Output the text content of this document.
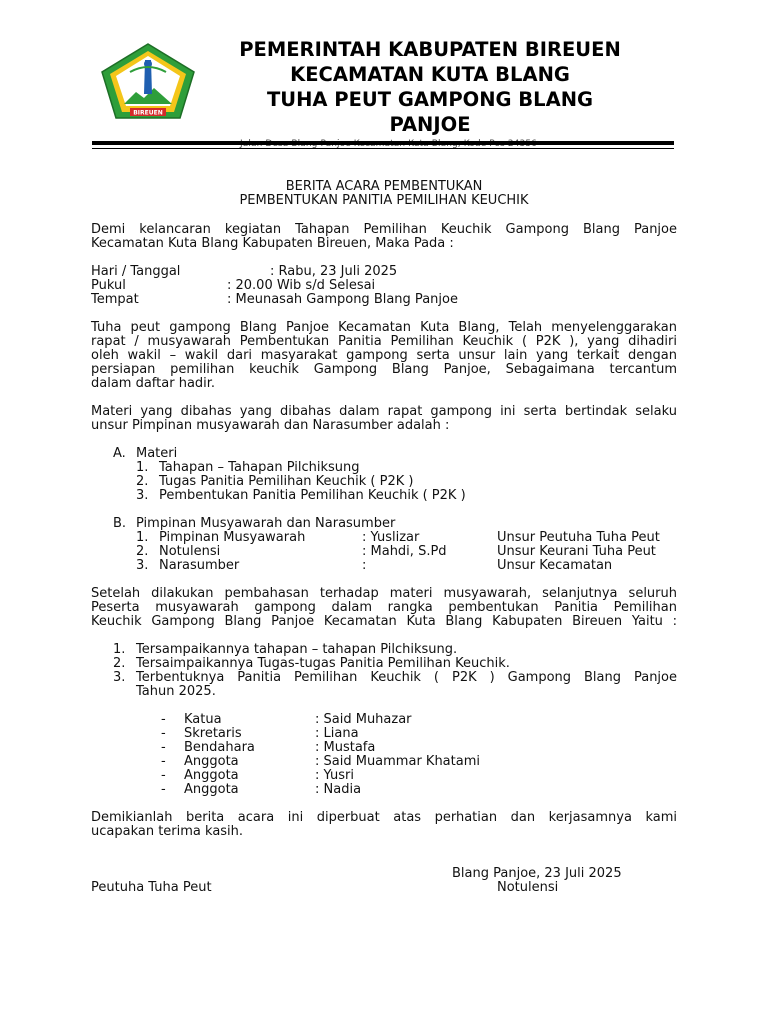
BIREUEN
PEMERINTAH KABUPATEN BIREUEN
KECAMATAN KUTA BLANG
TUHA PEUT GAMPONG BLANG
PANJOE
BERITA ACARA PEMBENTUKAN
PEMBENTUKAN PANITIA PEMILIHAN KEUCHIK
Demi kelancaran kegiatan Tahapan Pemilihan Keuchik Gampong Blang Panjoe
Kecamatan Kuta Blang Kabupaten Bireuen, Maka Pada :
Hari / Tanggal	: Rabu, 23 Juli 2025
Pukul	: 20.00 Wib s/d Selesai
Tempat	: Meunasah Gampong Blang Panjoe
Tuha peut gampong Blang Panjoe Kecamatan Kuta Blang, Telah menyelenggarakan
rapat / musyawarah Pembentukan Panitia Pemilihan Keuchik ( P2K ), yang dihadiri
oleh wakil – wakil dari masyarakat gampong serta unsur lain yang terkait dengan
persiapan pemilihan keuchik Gampong Blang Panjoe, Sebagaimana tercantum
dalam daftar hadir.
Materi yang dibahas yang dibahas dalam rapat gampong ini serta bertindak selaku
unsur Pimpinan musyawarah dan Narasumber adalah :
A. Materi
1. Tahapan – Tahapan Pilchiksung
2. Tugas Panitia Pemilihan Keuchik ( P2K )
3. Pembentukan Panitia Pemilihan Keuchik ( P2K )
B. Pimpinan Musyawarah dan Narasumber
1. Pimpinan Musyawarah	: Yuslizar	Unsur Peutuha Tuha Peut
2. Notulensi	: Mahdi, S.Pd	Unsur Keurani Tuha Peut
3. Narasumber	:	Unsur Kecamatan
Setelah dilakukan pembahasan terhadap materi musyawarah, selanjutnya seluruh
Peserta musyawarah gampong dalam rangka pembentukan Panitia Pemilihan
Keuchik Gampong Blang Panjoe Kecamatan Kuta Blang Kabupaten Bireuen Yaitu :
1. Tersampaikannya tahapan – tahapan Pilchiksung.
2. Tersaimpaikannya Tugas-tugas Panitia Pemilihan Keuchik.
3. Terbentuknya Panitia Pemilihan Keuchik ( P2K ) Gampong Blang Panjoe
Tahun 2025.
- Katua	: Said Muhazar
- Skretaris	: Liana
- Bendahara	: Mustafa
- Anggota	: Said Muammar Khatami
- Anggota	: Yusri
- Anggota	: Nadia
Demikianlah berita acara ini diperbuat atas perhatian dan kerjasamnya kami
ucapakan terima kasih.
Blang Panjoe, 23 Juli 2025
Peutuha Tuha Peut	Notulensi
